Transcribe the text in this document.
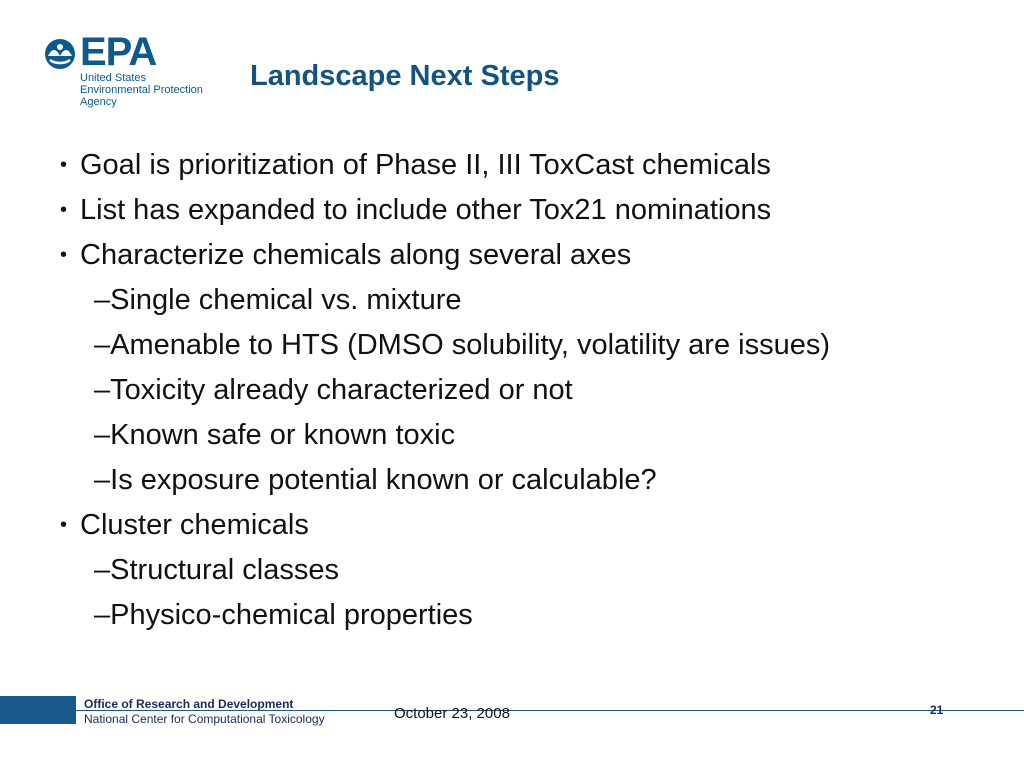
EPA
United States
Environmental Protection
Agency
Landscape Next Steps
• Goal is prioritization of Phase II, III ToxCast chemicals
• List has expanded to include other Tox21 nominations
• Characterize chemicals along several axes
–Single chemical vs. mixture
–Amenable to HTS (DMSO solubility, volatility are issues)
–Toxicity already characterized or not
–Known safe or known toxic
–Is exposure potential known or calculable?
• Cluster chemicals
–Structural classes
–Physico-chemical properties
Office of Research and Development
National Center for Computational Toxicology	October 23, 2008	21
